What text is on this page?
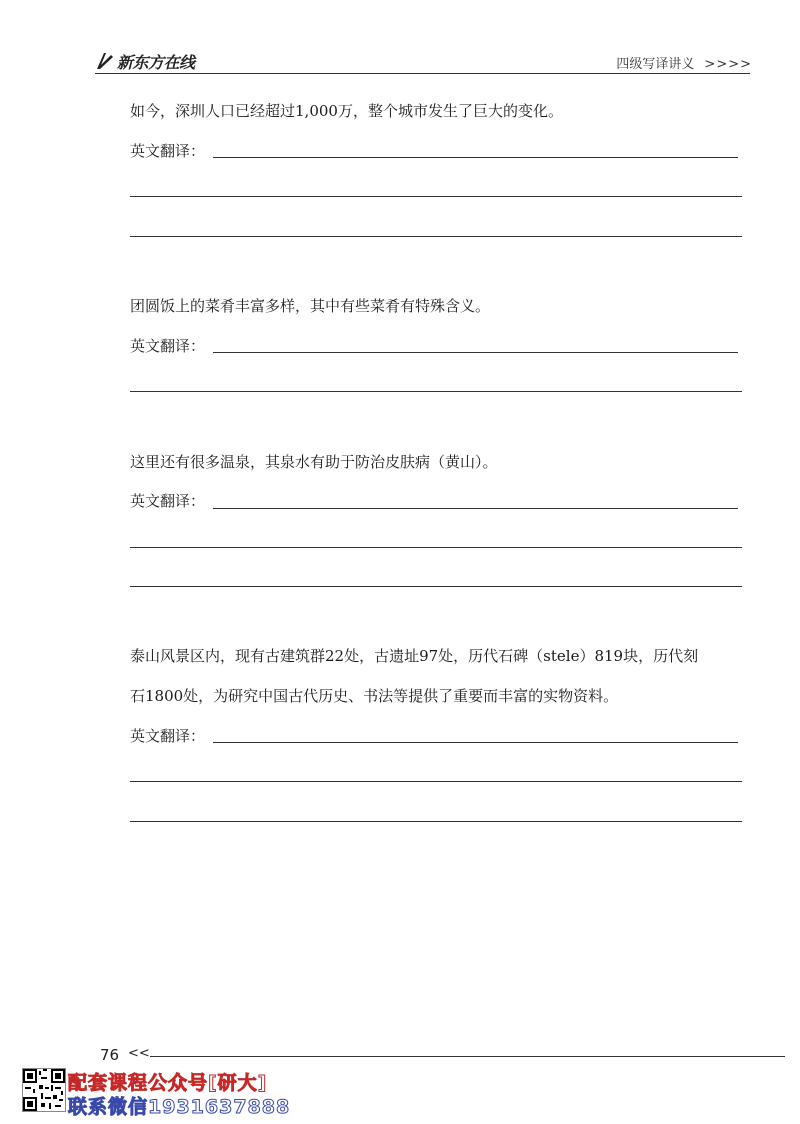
新东方在线	四级写译讲义 >>>>
如今，深圳人口已经超过1,000万，整个城市发生了巨大的变化。
英文翻译：
团圆饭上的菜肴丰富多样，其中有些菜肴有特殊含义。
英文翻译：
这里还有很多温泉，其泉水有助于防治皮肤病（黄山）。
英文翻译：
泰山风景区内，现有古建筑群22处，古遗址97处，历代石碑（stele）819块，历代刻
石1800处，为研究中国古代历史、书法等提供了重要而丰富的实物资料。
英文翻译：
76 <<
配套课程公众号[研大]
联系微信1931637888
